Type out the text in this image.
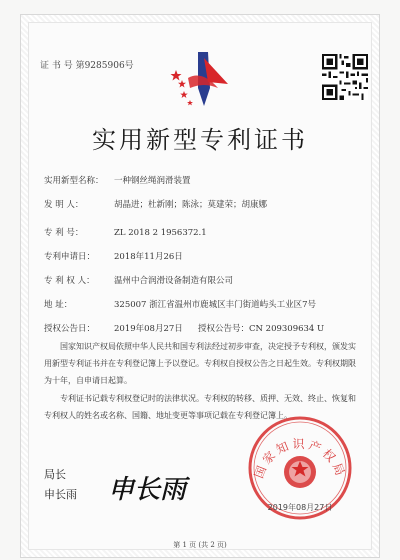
证 书 号 第9285906号
实用新型专利证书
实用新型名称： 一种钢丝绳润滑装置
发 明 人：	胡晶进；杜新刚；陈泳；莫建荣；胡康娜
专 利 号：	ZL 2018 2 1956372.1
专利申请日： 2018年11月26日
专 利 权 人： 温州中合润滑设备制造有限公司
地 址：	325007 浙江省温州市鹿城区丰门街道屿头工业区7号
授权公告日： 2019年08月27日 授权公告号：CN 209309634 U
国家知识产权局依照中华人民共和国专利法经过初步审查，决定授予专利权，颁发实用新型专利证书并在专利登记簿上予以登记。专利权自授权公告之日起生效。专利权期限为十年，自申请日起算。
专利证书记载专利权登记时的法律状况。专利权的转移、质押、无效、终止、恢复和专利权人的姓名或名称、国籍、地址变更等事项记载在专利登记簿上。
局长
申长雨 申长雨
国家知识产权局
2019年08月27日
第 1 页 (共 2 页)
